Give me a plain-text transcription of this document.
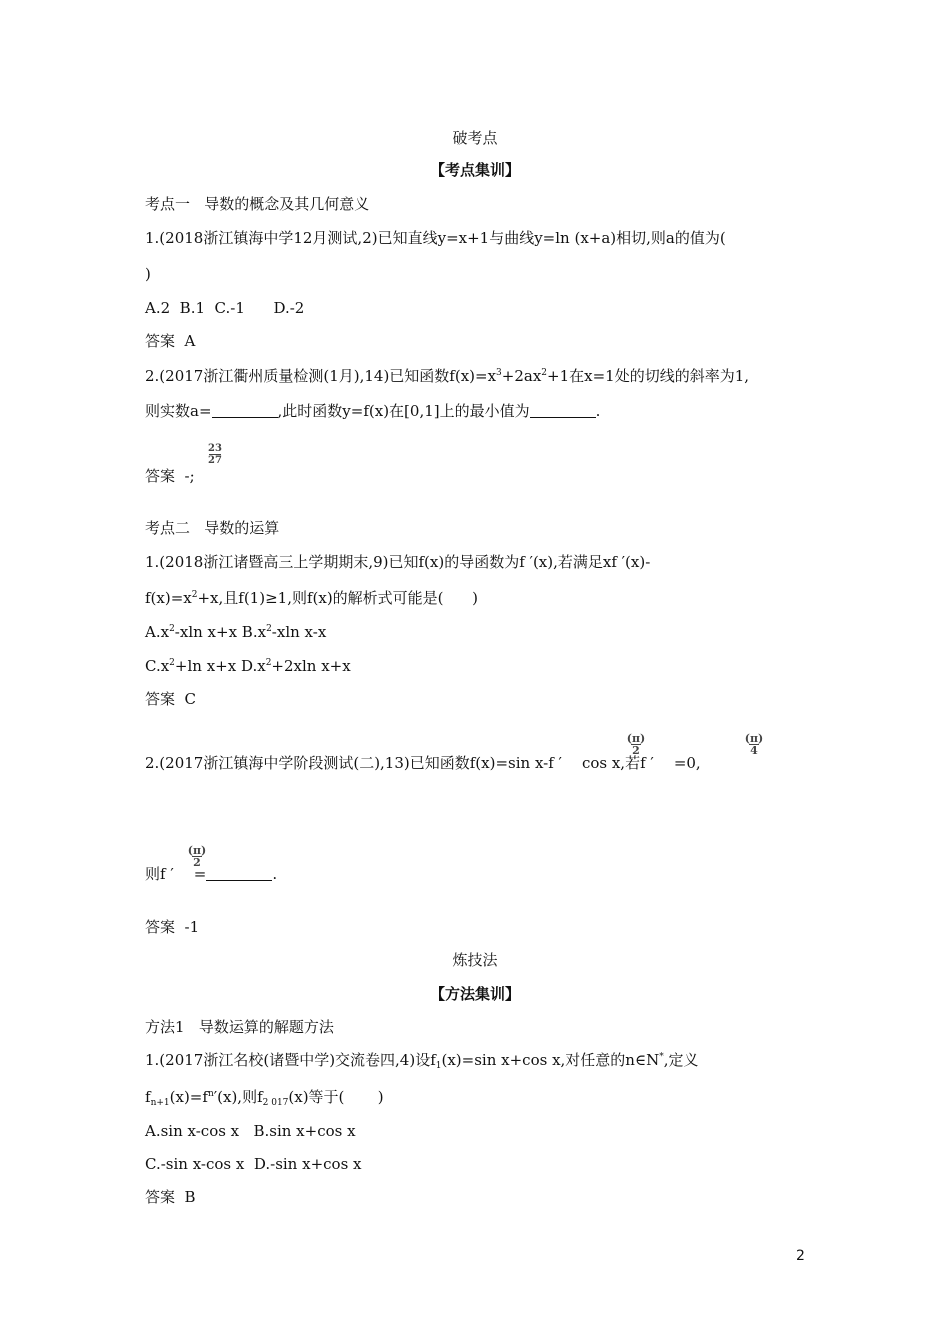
破考点
【考点集训】
考点一   导数的概念及其几何意义
1.(2018浙江镇海中学12月测试,2)已知直线y=x+1与曲线y=ln (x+a)相切,则a的值为(
)
A.2  B.1  C.-1      D.-2
答案  A
2.(2017浙江衢州质量检测(1月),14)已知函数$f(x)=x^3+2ax^2+1$在x=1处的切线的斜率为1,
则实数a=	,此时函数y=f(x)在[0,1]上的最小值为	.
答案  -;
23
27
考点二   导数的运算
1.(2018浙江诸暨高三上学期期末,9)已知f(x)的导函数为f ′(x),若满足xf ′(x)-
$f(x)=x^2+x$,且f(1)≥1,则f(x)的解析式可能是(      )
$A.x^2$-xln x+x $B.x^2$-xln x-x
$C.x^2+\ln$ x+x $D.x^2+2xln$ x+x
答案  C
2.(2017浙江镇海中学阶段测试(二),13)已知函数f(x)=sin x-f ′ cos x,若f ′ =0,
(π)
2
(π)
4
则f ′ =	.
(π)
2
答案  -1
炼技法
【方法集训】
方法1   导数运算的解题方法
1.(2017浙江名校(诸暨中学)交流卷四,4)设$f_1(x)=\sin$ x+cos x,对任意的n∈N*,定义
$f_{n+1}(x)=f^n'(x)$,则$f_{2 017}(x)$等于(       )
A.sin x-cos x   B.sin x+cos x
C.-sin x-cos x  D.-sin x+cos x
答案  B
2
